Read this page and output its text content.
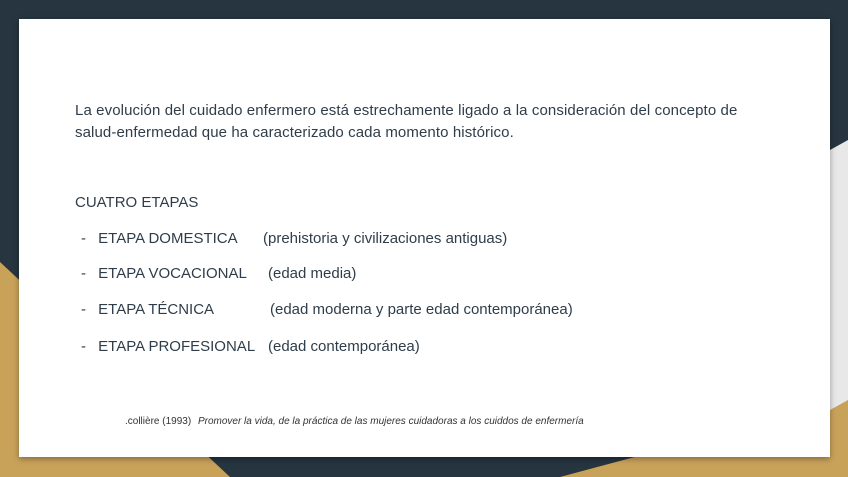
La evolución del cuidado enfermero está estrechamente ligado a la consideración del concepto de salud-enfermedad que ha caracterizado cada momento histórico.

CUATRO ETAPAS

- ETAPA DOMESTICA (prehistoria y civilizaciones antiguas)
- ETAPA VOCACIONAL (edad media)
- ETAPA TÉCNICA	(edad moderna y parte edad contemporánea)
- ETAPA PROFESIONAL (edad contemporánea)
.collière (1993) Promover la vida, de la práctica de las mujeres cuidadoras a los cuiddos de enfermería
